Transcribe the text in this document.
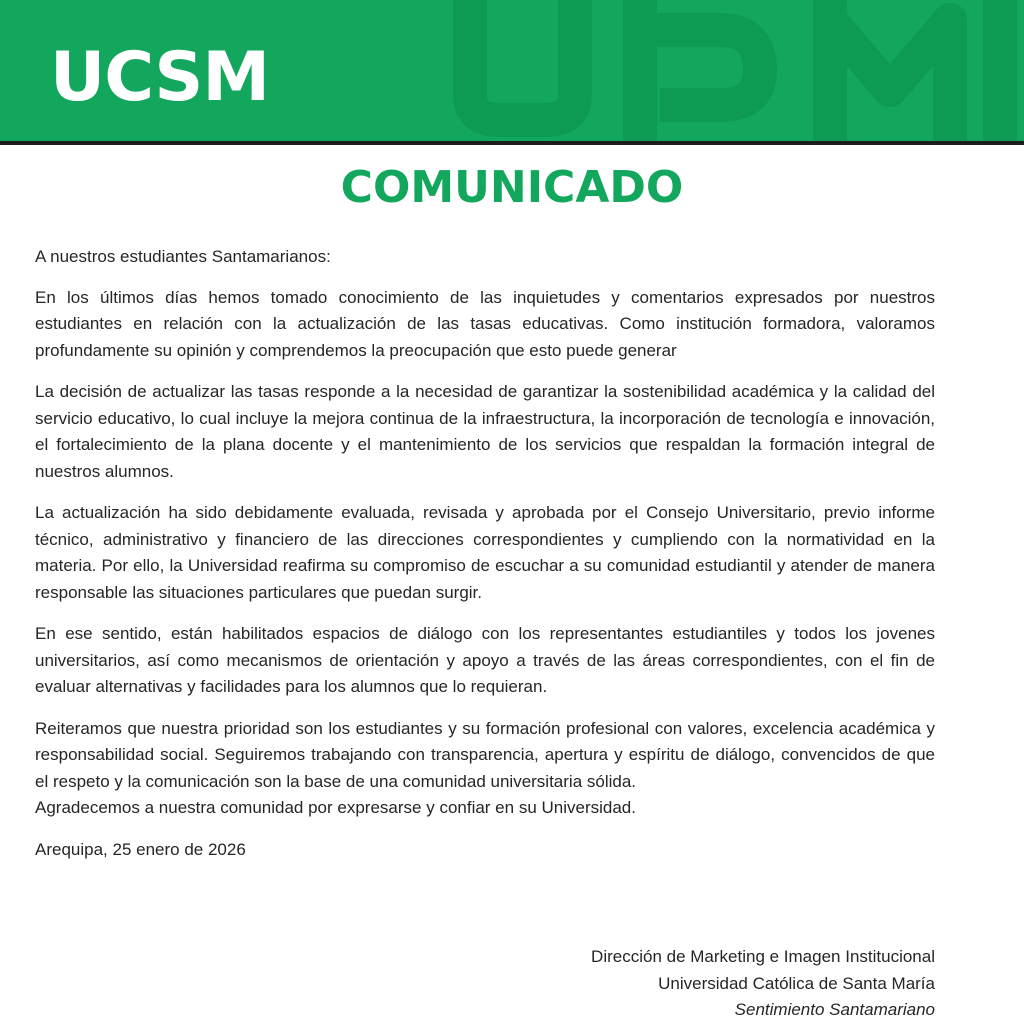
UCSM
COMUNICADO

A nuestros estudiantes Santamarianos:

En los últimos días hemos tomado conocimiento de las inquietudes y comentarios expresados por nuestros estudiantes en relación con la actualización de las tasas educativas. Como institución formadora, valoramos profundamente su opinión y comprendemos la preocupación que esto puede generar

La decisión de actualizar las tasas responde a la necesidad de garantizar la sostenibilidad académica y la calidad del servicio educativo, lo cual incluye la mejora continua de la infraestructura, la incorporación de tecnología e innovación, el fortalecimiento de la plana docente y el mantenimiento de los servicios que respaldan la formación integral de nuestros alumnos.

La actualización ha sido debidamente evaluada, revisada y aprobada por el Consejo Universitario, previo informe técnico, administrativo y financiero de las direcciones correspondientes y cumpliendo con la normatividad en la materia. Por ello, la Universidad reafirma su compromiso de escuchar a su comunidad estudiantil y atender de manera responsable las situaciones particulares que puedan surgir.

En ese sentido, están habilitados espacios de diálogo con los representantes estudiantiles y todos los jovenes universitarios, así como mecanismos de orientación y apoyo a través de las áreas correspondientes, con el fin de evaluar alternativas y facilidades para los alumnos que lo requieran.

Reiteramos que nuestra prioridad son los estudiantes y su formación profesional con valores, excelencia académica y responsabilidad social. Seguiremos trabajando con transparencia, apertura y espíritu de diálogo, convencidos de que el respeto y la comunicación son la base de una comunidad universitaria sólida.

Agradecemos a nuestra comunidad por expresarse y confiar en su Universidad.

Arequipa, 25 enero de 2026

Dirección de Marketing e Imagen Institucional
Universidad Católica de Santa María
Sentimiento Santamariano
